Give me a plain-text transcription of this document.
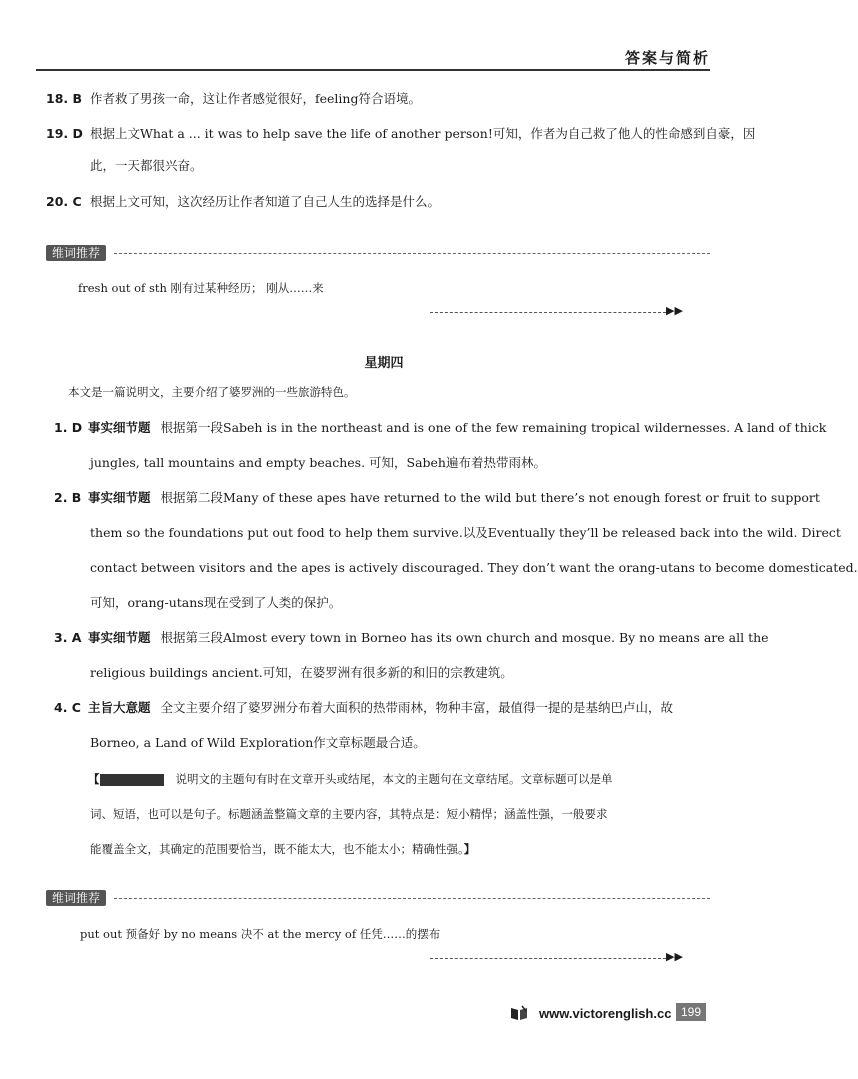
答案与简析
18. B 作者救了男孩一命，这让作者感觉很好，feeling符合语境。
19. D 根据上文What a ... it was to help save the life of another person!可知，作者为自己救了他人的性命感到自豪，因
此，一天都很兴奋。
20. C 根据上文可知，这次经历让作者知道了自己人生的选择是什么。
维词推荐
fresh out of sth 刚有过某种经历； 刚从……来
▶▶
星期四
本文是一篇说明文，主要介绍了婆罗洲的一些旅游特色。
1. D 事实细节题 根据第一段Sabeh is in the northeast and is one of the few remaining tropical wildernesses. A land of thick
jungles, tall mountains and empty beaches. 可知，Sabeh遍布着热带雨林。
2. B 事实细节题 根据第二段Many of these apes have returned to the wild but there’s not enough forest or fruit to support
them so the foundations put out food to help them survive.以及Eventually they’ll be released back into the wild. Direct
contact between visitors and the apes is actively discouraged. They don’t want the orang-utans to become domesticated.
可知，orang-utans现在受到了人类的保护。
3. A 事实细节题 根据第三段Almost every town in Borneo has its own church and mosque. By no means are all the
religious buildings ancient.可知，在婆罗洲有很多新的和旧的宗教建筑。
4. C 主旨大意题 全文主要介绍了婆罗洲分布着大面积的热带雨林，物种丰富，最值得一提的是基纳巴卢山，故
Borneo, a Land of Wild Exploration作文章标题最合适。
【	说明文的主题句有时在文章开头或结尾，本文的主题句在文章结尾。文章标题可以是单
词、短语，也可以是句子。标题涵盖整篇文章的主要内容，其特点是：短小精悍；涵盖性强，一般要求
能覆盖全文，其确定的范围要恰当，既不能太大，也不能太小；精确性强。】
维词推荐
put out 预备好 by no means 决不 at the mercy of 任凭……的摆布
▶▶
www.victorenglish.cc 199
